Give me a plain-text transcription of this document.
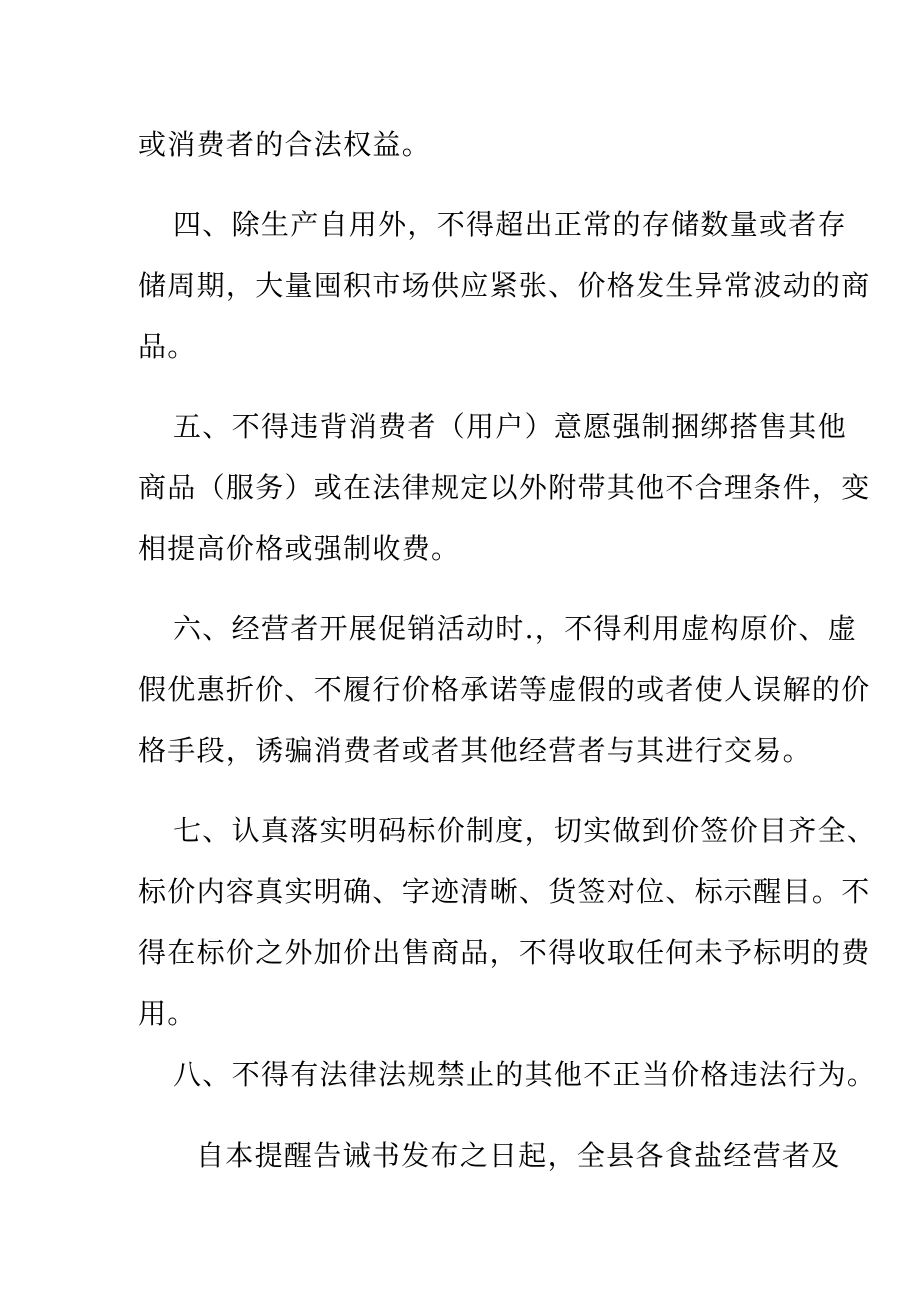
或消费者的合法权益。
四、除生产自用外，不得超出正常的存储数量或者存
储周期，大量囤积市场供应紧张、价格发生异常波动的商
品。
五、不得违背消费者（用户）意愿强制捆绑搭售其他
商品（服务）或在法律规定以外附带其他不合理条件，变
相提高价格或强制收费。
六、经营者开展促销活动时.，不得利用虚构原价、虚
假优惠折价、不履行价格承诺等虚假的或者使人误解的价
格手段，诱骗消费者或者其他经营者与其进行交易。
七、认真落实明码标价制度，切实做到价签价目齐全、
标价内容真实明确、字迹清晰、货签对位、标示醒目。不
得在标价之外加价出售商品，不得收取任何未予标明的费
用。
八、不得有法律法规禁止的其他不正当价格违法行为。
自本提醒告诫书发布之日起，全县各食盐经营者及
